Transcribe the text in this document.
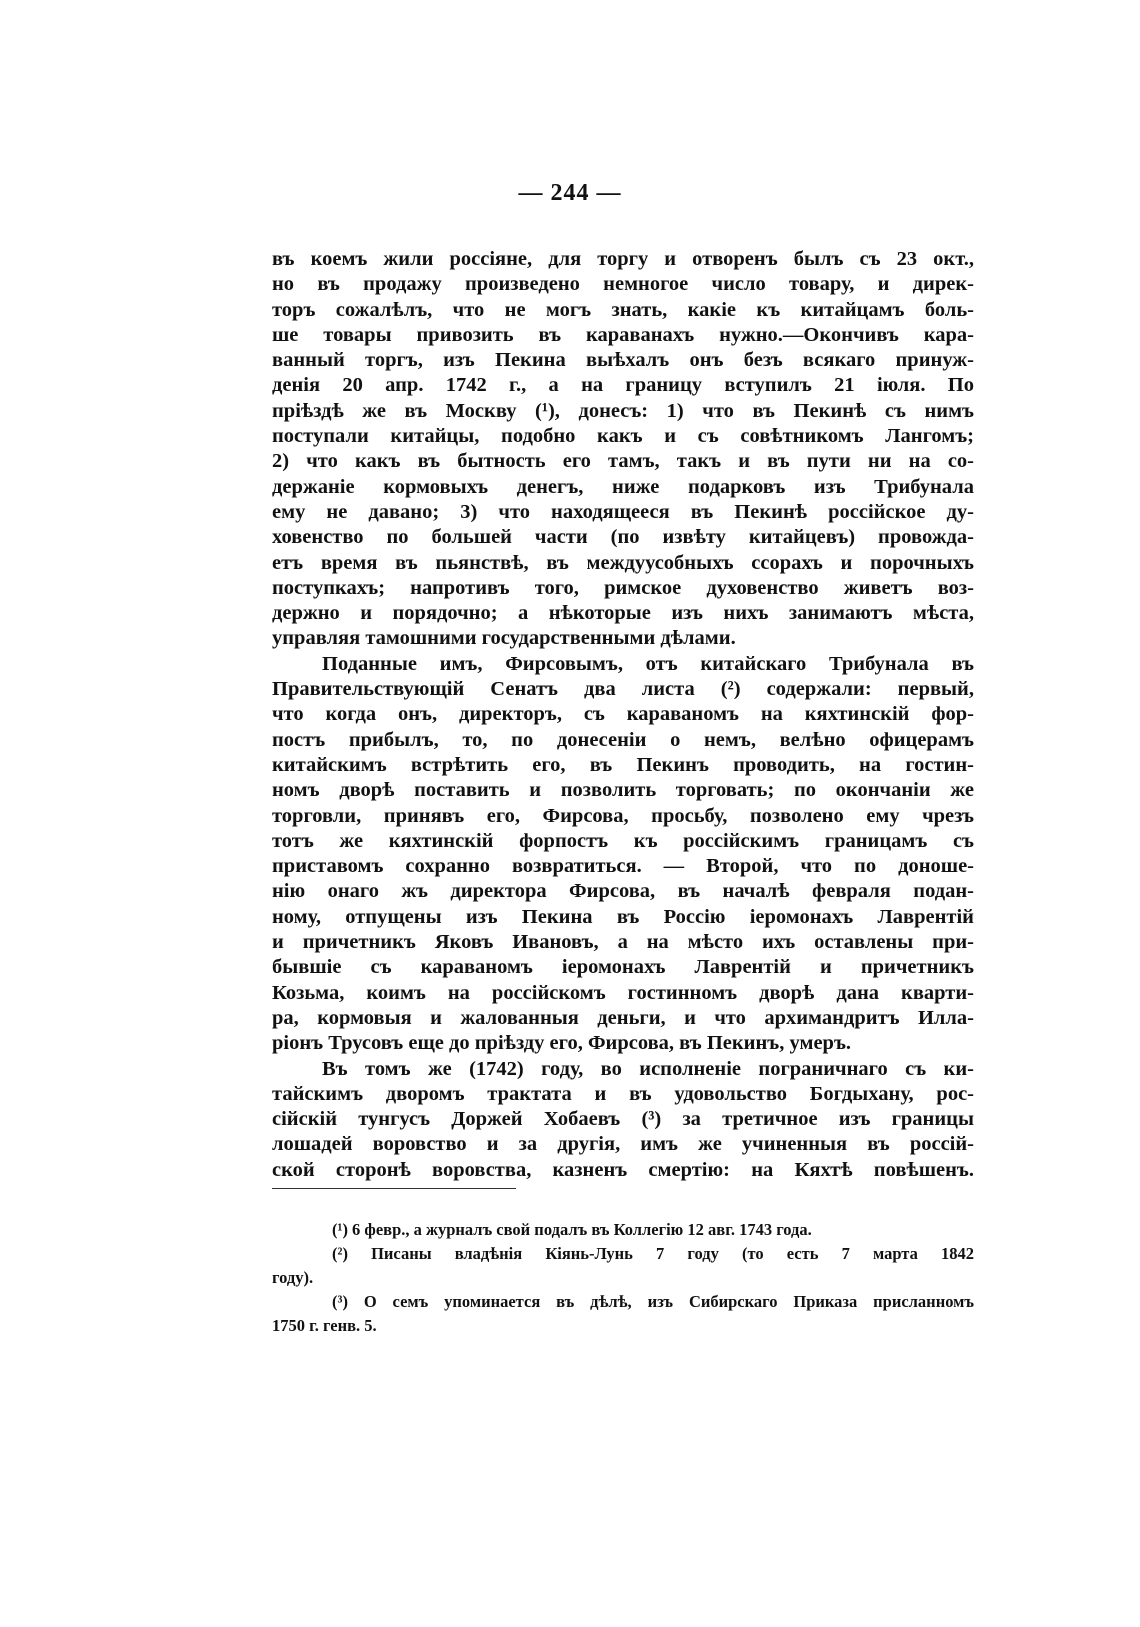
— 244 —
въ коемъ жили россіяне, для торгу и отворенъ былъ съ 23 окт.,
но въ продажу произведено немногое число товару, и дирек-
торъ сожалѣлъ, что не могъ знать, какіе къ китайцамъ боль-
ше товары привозить въ караванахъ нужно.—Окончивъ кара-
ванный торгъ, изъ Пекина выѣхалъ онъ безъ всякаго принуж-
денія 20 апр. 1742 г., а на границу вступилъ 21 іюля. По
пріѣздѣ же въ Москву (¹), донесъ: 1) что въ Пекинѣ съ нимъ
поступали китайцы, подобно какъ и съ совѣтникомъ Лангомъ;
2) что какъ въ бытность его тамъ, такъ и въ пути ни на со-
держаніе кормовыхъ денегъ, ниже подарковъ изъ Трибунала
ему не давано; 3) что находящееся въ Пекинѣ россійское ду-
ховенство по большей части (по извѣту китайцевъ) провожда-
етъ время въ пьянствѣ, въ междуусобныхъ ссорахъ и порочныхъ
поступкахъ; напротивъ того, римское духовенство живетъ воз-
держно и порядочно; а нѣкоторые изъ нихъ занимаютъ мѣста,
управляя тамошними государственными дѣлами.
Поданные имъ, Фирсовымъ, отъ китайскаго Трибунала въ
Правительствующій Сенатъ два листа (²) содержали: первый,
что когда онъ, директоръ, съ караваномъ на кяхтинскій фор-
постъ прибылъ, то, по донесеніи о немъ, велѣно офицерамъ
китайскимъ встрѣтить его, въ Пекинъ проводить, на гостин-
номъ дворѣ поставить и позволить торговать; по окончаніи же
торговли, принявъ его, Фирсова, просьбу, позволено ему чрезъ
тотъ же кяхтинскій форпостъ къ россійскимъ границамъ съ
приставомъ сохранно возвратиться. — Второй, что по доноше-
нію онаго жъ директора Фирсова, въ началѣ февраля подан-
ному, отпущены изъ Пекина въ Россію іеромонахъ Лаврентій
и причетникъ Яковъ Ивановъ, а на мѣсто ихъ оставлены при-
бывшіе съ караваномъ іеромонахъ Лаврентій и причетникъ
Козьма, коимъ на россійскомъ гостинномъ дворѣ дана кварти-
ра, кормовыя и жалованныя деньги, и что архимандритъ Илла-
ріонъ Трусовъ еще до пріѣзду его, Фирсова, въ Пекинъ, умеръ.
Въ томъ же (1742) году, во исполненіе пограничнаго съ ки-
тайскимъ дворомъ трактата и въ удовольство Богдыхану, рос-
сійскій тунгусъ Доржей Хобаевъ (³) за третичное изъ границы
лошадей воровство и за другія, имъ же учиненныя въ россій-
ской сторонѣ воровства, казненъ смертію: на Кяхтѣ повѣшенъ.
(¹) 6 февр., а журналъ свой подалъ въ Коллегію 12 авг. 1743 года.
(²) Писаны владѣнія Кіянь-Лунь 7 году (то есть 7 марта 1842
году).
(³) О семъ упоминается въ дѣлѣ, изъ Сибирскаго Приказа присланномъ
1750 г. генв. 5.
